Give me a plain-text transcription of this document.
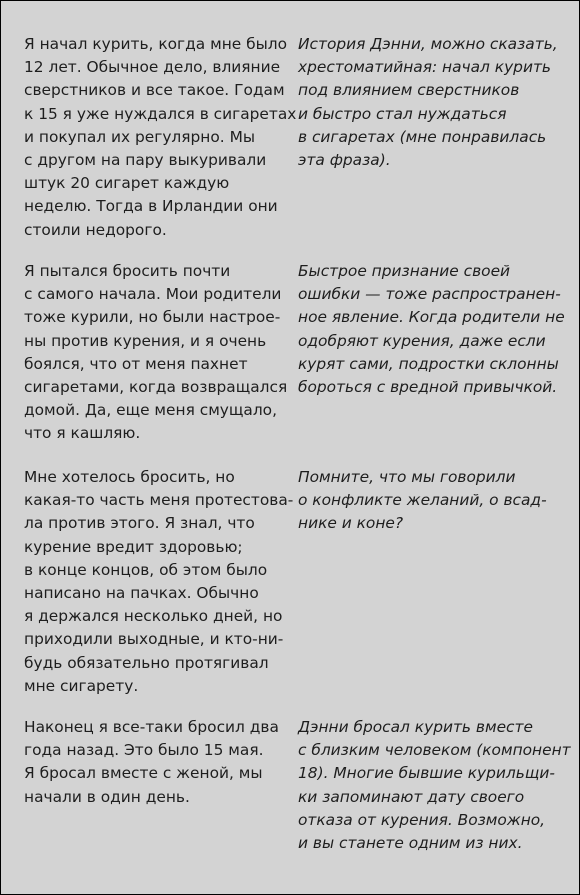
Я начал курить, когда мне было
12 лет. Обычное дело, влияние
сверстников и все такое. Годам
к 15 я уже нуждался в сигаретах
и покупал их регулярно. Мы
с другом на пару выкуривали
штук 20 сигарет каждую
неделю. Тогда в Ирландии они
стоили недорого.
История Дэнни, можно сказать,
хрестоматийная: начал курить
под влиянием сверстников
и быстро стал нуждаться
в сигаретах (мне понравилась
эта фраза).
Я пытался бросить почти
с самого начала. Мои родители
тоже курили, но были настрое-
ны против курения, и я очень
боялся, что от меня пахнет
сигаретами, когда возвращался
домой. Да, еще меня смущало,
что я кашляю.
Быстрое признание своей
ошибки — тоже распространен-
ное явление. Когда родители не
одобряют курения, даже если
курят сами, подростки склонны
бороться с вредной привычкой.
Мне хотелось бросить, но
какая-то часть меня протестова-
ла против этого. Я знал, что
курение вредит здоровью;
в конце концов, об этом было
написано на пачках. Обычно
я держался несколько дней, но
приходили выходные, и кто-ни-
будь обязательно протягивал
мне сигарету.
Помните, что мы говорили
о конфликте желаний, о всад-
нике и коне?
Наконец я все-таки бросил два
года назад. Это было 15 мая.
Я бросал вместе с женой, мы
начали в один день.
Дэнни бросал курить вместе
с близким человеком (компонент
18). Многие бывшие курильщи-
ки запоминают дату своего
отказа от курения. Возможно,
и вы станете одним из них.
